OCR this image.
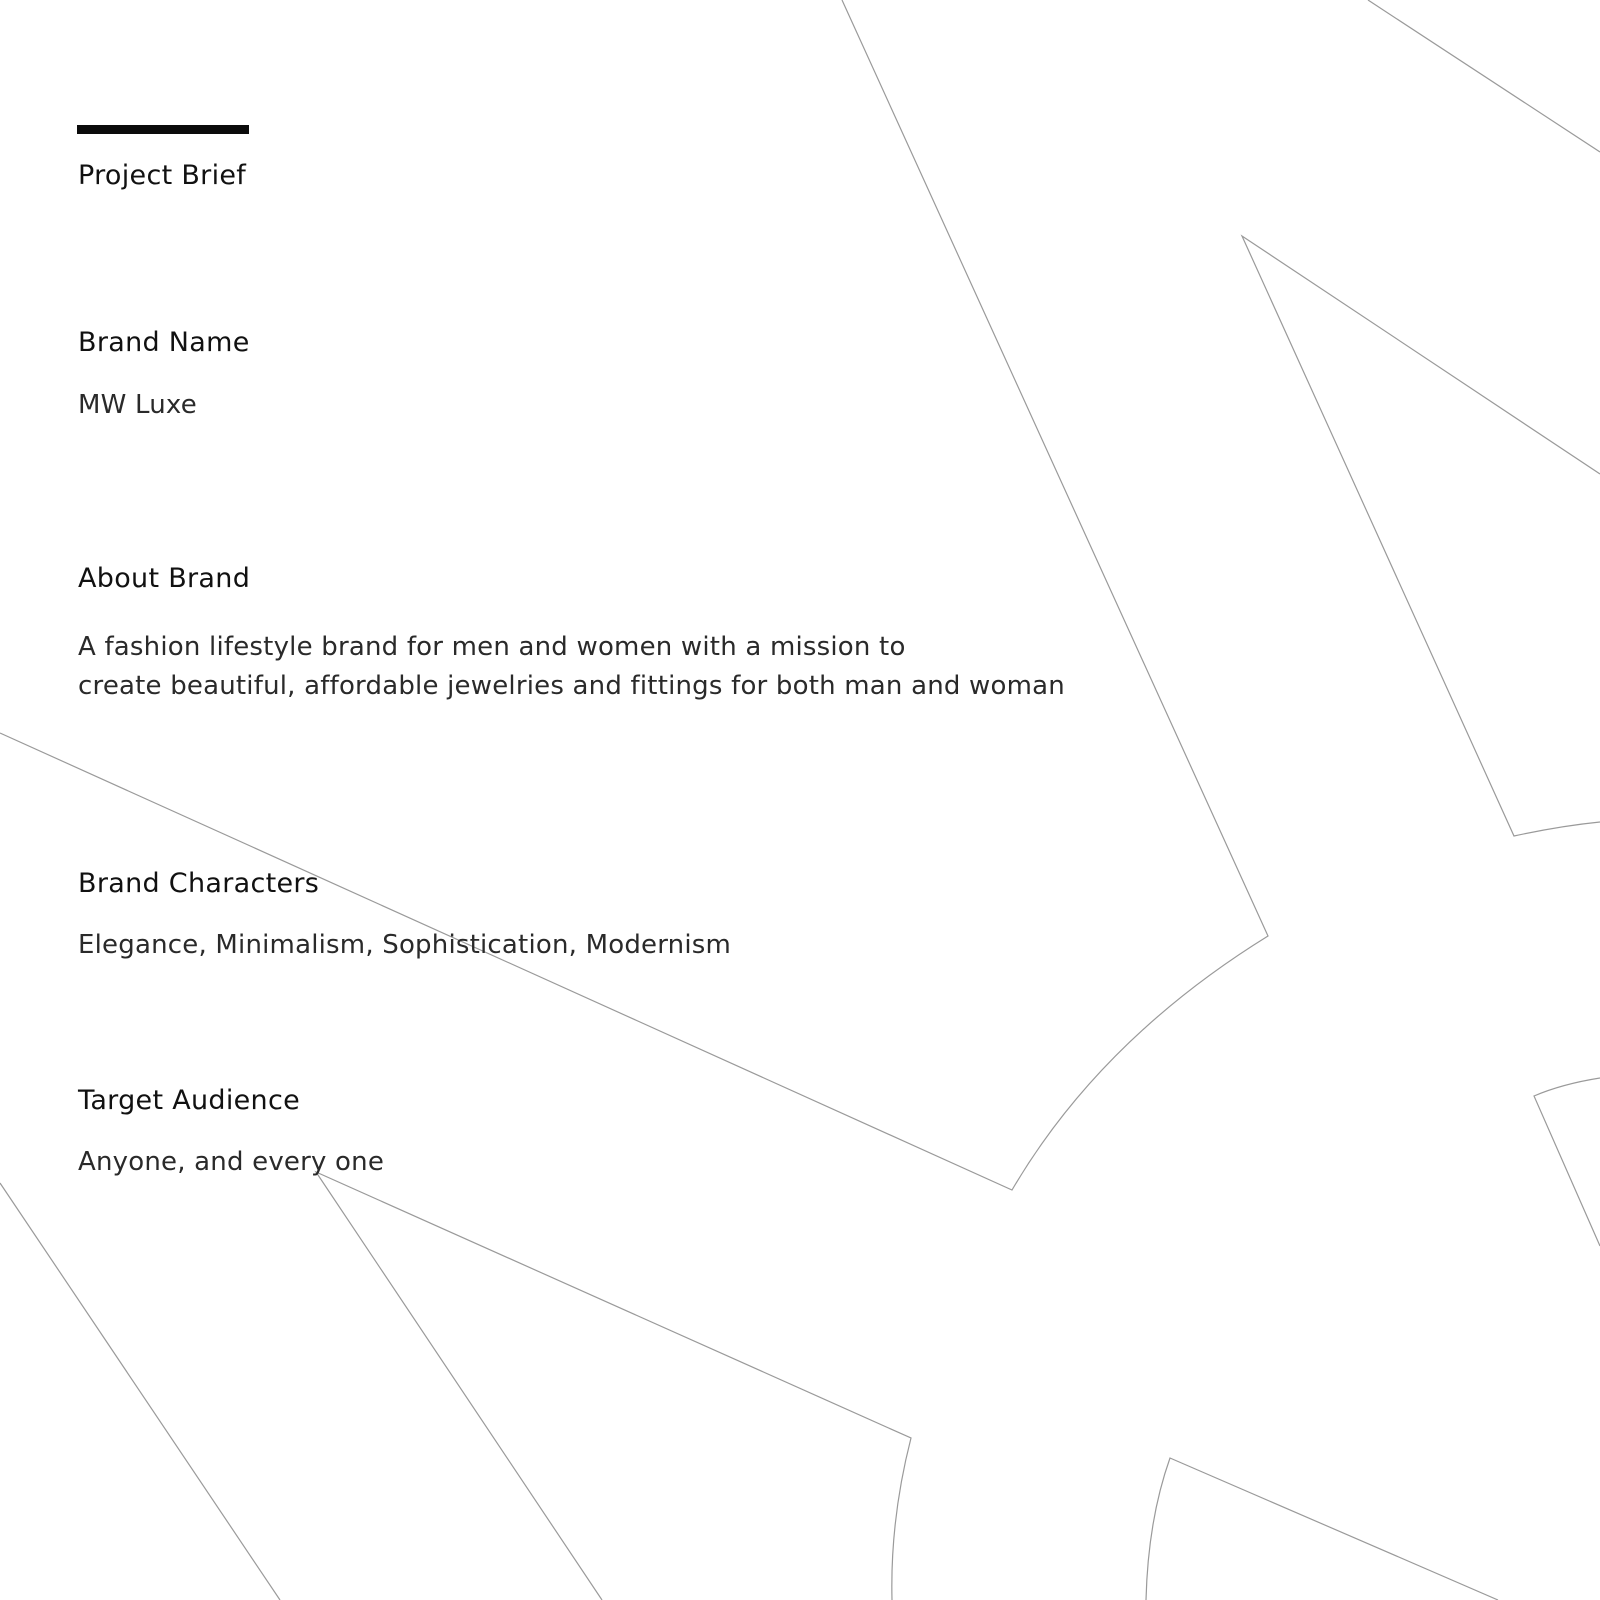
Project Brief
Brand Name

MW Luxe

About Brand

A fashion lifestyle brand for men and women with a mission to
create beautiful, affordable jewelries and fittings for both man and woman

Brand Characters

Elegance, Minimalism, Sophistication, Modernism

Target Audience

Anyone, and every one
